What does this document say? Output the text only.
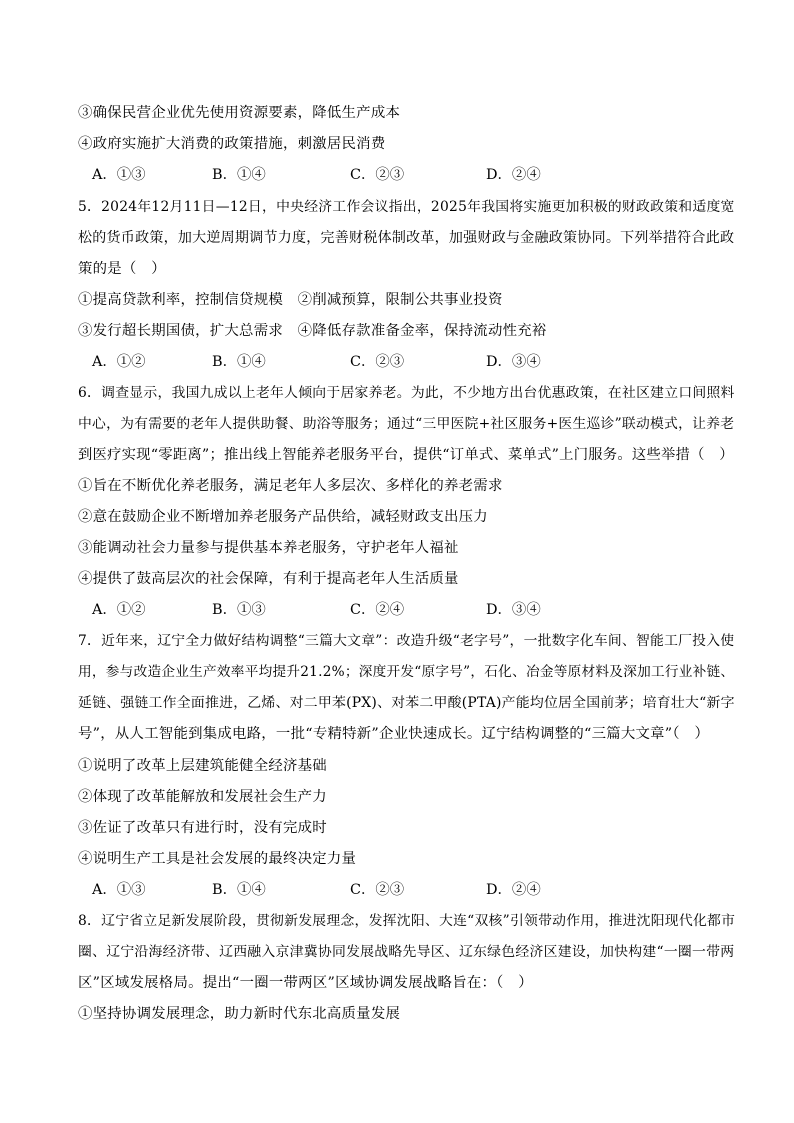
③确保民营企业优先使用资源要素，降低生产成本
④政府实施扩大消费的政策措施，刺激居民消费
A．①③	B．①④	C．②③	D．②④
5．2024年12月11日—12日，中央经济工作会议指出，2025年我国将实施更加积极的财政政策和适度宽
松的货币政策，加大逆周期调节力度，完善财税体制改革，加强财政与金融政策协同。下列举措符合此政
策的是（　）
①提高贷款利率，控制信贷规模　②削减预算，限制公共事业投资
③发行超长期国债，扩大总需求　④降低存款准备金率，保持流动性充裕
A．①②	B．①④	C．②③	D．③④
6．调查显示，我国九成以上老年人倾向于居家养老。为此，不少地方出台优惠政策，在社区建立口间照料
中心，为有需要的老年人提供助餐、助浴等服务；通过“三甲医院+社区服务+医生巡诊”联动模式，让养老
到医疗实现“零距离”；推出线上智能养老服务平台，提供“订单式、菜单式”上门服务。这些举措（　）
①旨在不断优化养老服务，满足老年人多层次、多样化的养老需求
②意在鼓励企业不断增加养老服务产品供给，减轻财政支出压力
③能调动社会力量参与提供基本养老服务，守护老年人福祉
④提供了鼓高层次的社会保障，有利于提高老年人生活质量
A．①②	B．①③	C．②④	D．③④
7．近年来，辽宁全力做好结构调整“三篇大文章”：改造升级“老字号”，一批数字化车间、智能工厂投入使
用，参与改造企业生产效率平均提升21.2%；深度开发“原字号”，石化、冶金等原材料及深加工行业补链、
延链、强链工作全面推进，乙烯、对二甲苯(PX)、对苯二甲酸(PTA)产能均位居全国前茅；培育壮大“新字
号”，从人工智能到集成电路，一批“专精特新”企业快速成长。辽宁结构调整的“三篇大文章”（　）
①说明了改革上层建筑能健全经济基础
②体现了改革能解放和发展社会生产力
③佐证了改革只有进行时，没有完成时
④说明生产工具是社会发展的最终决定力量
A．①③	B．①④	C．②③	D．②④
8．辽宁省立足新发展阶段，贯彻新发展理念，发挥沈阳、大连“双核”引领带动作用，推进沈阳现代化都市
圈、辽宁沿海经济带、辽西融入京津冀协同发展战略先导区、辽东绿色经济区建设，加快构建“一圈一带两
区”区域发展格局。提出“一圈一带两区”区域协调发展战略旨在：（　）
①坚持协调发展理念，助力新时代东北高质量发展
